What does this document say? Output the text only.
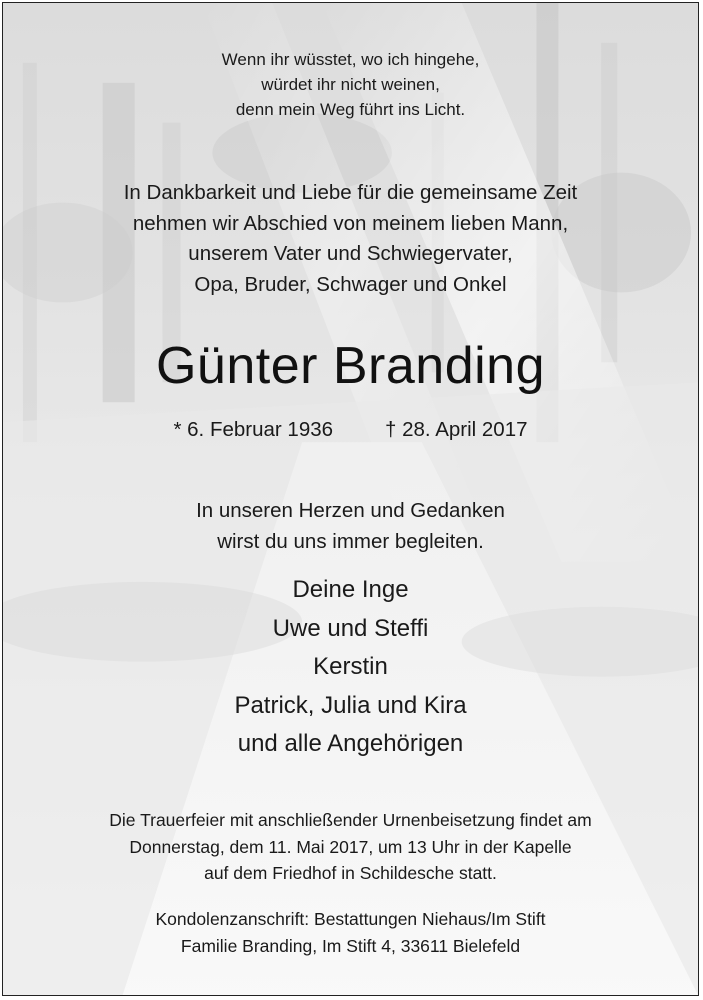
Wenn ihr wüsstet, wo ich hingehe,
würdet ihr nicht weinen,
denn mein Weg führt ins Licht.
In Dankbarkeit und Liebe für die gemeinsame Zeit
nehmen wir Abschied von meinem lieben Mann,
unserem Vater und Schwiegervater,
Opa, Bruder, Schwager und Onkel
Günter Branding
* 6. Februar 1936	† 28. April 2017
In unseren Herzen und Gedanken
wirst du uns immer begleiten.
Deine Inge
Uwe und Steffi
Kerstin
Patrick, Julia und Kira
und alle Angehörigen
Die Trauerfeier mit anschließender Urnenbeisetzung findet am
Donnerstag, dem 11. Mai 2017, um 13 Uhr in der Kapelle
auf dem Friedhof in Schildesche statt.
Kondolenzanschrift: Bestattungen Niehaus/Im Stift
Familie Branding, Im Stift 4, 33611 Bielefeld
